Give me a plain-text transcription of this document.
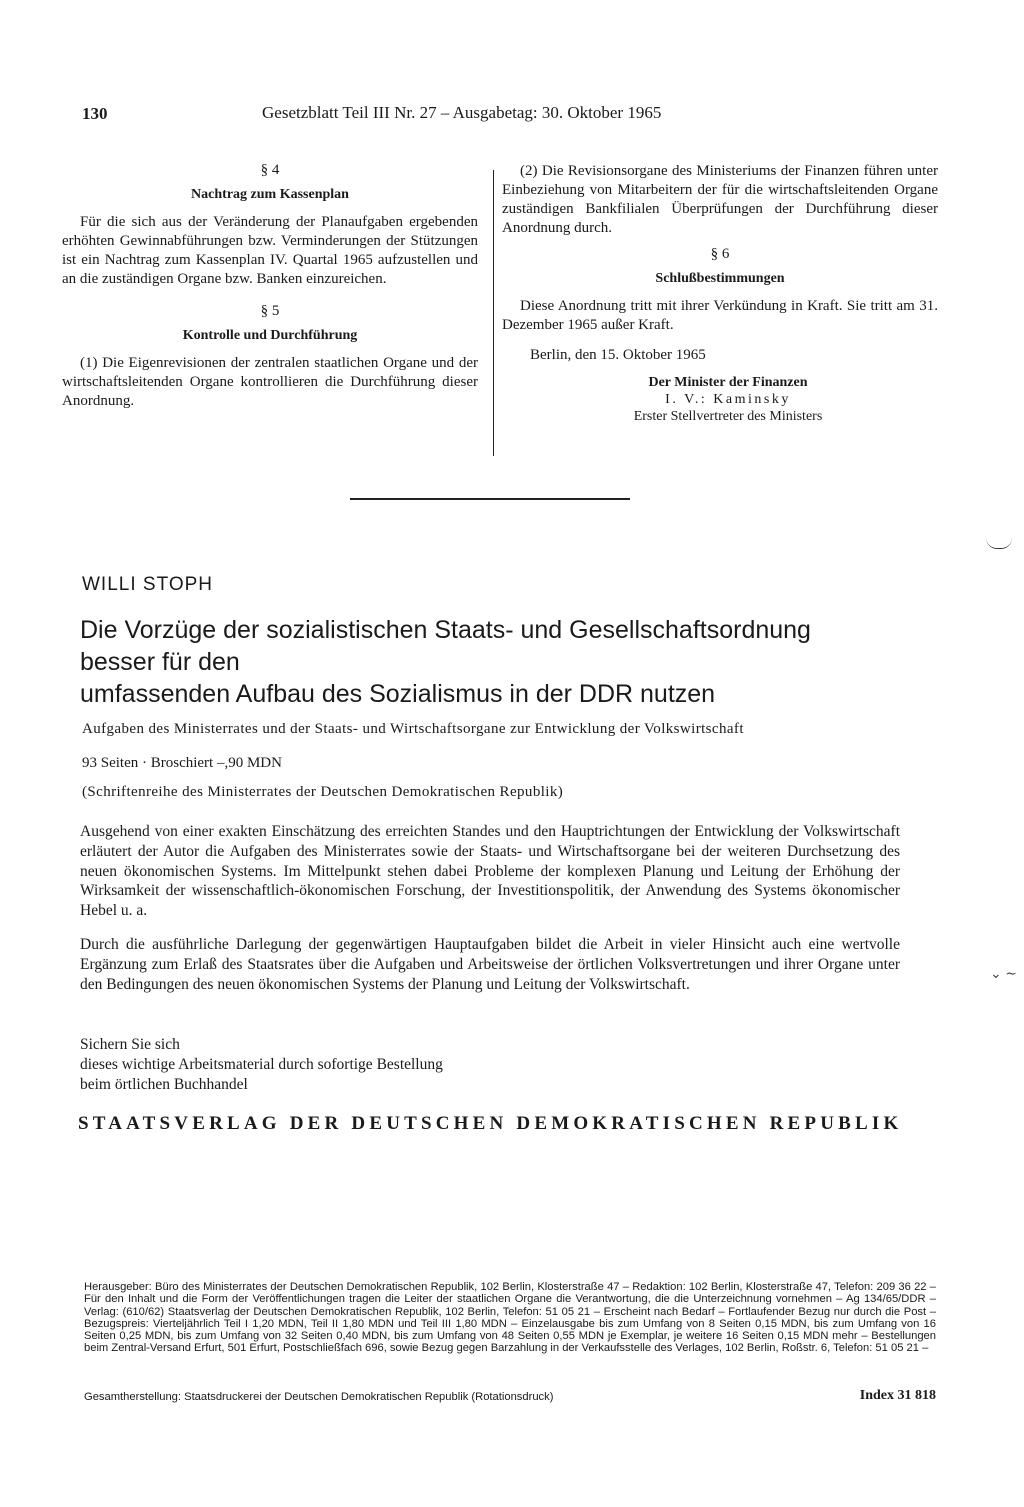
130	Gesetzblatt Teil III Nr. 27 – Ausgabetag: 30. Oktober 1965
§ 4
Nachtrag zum Kassenplan

Für die sich aus der Veränderung der Planaufgaben ergebenden erhöhten Gewinnabführungen bzw. Verminderungen der Stützungen ist ein Nachtrag zum Kassenplan IV. Quartal 1965 aufzustellen und an die zuständigen Organe bzw. Banken einzureichen.

§ 5
Kontrolle und Durchführung

(1) Die Eigenrevisionen der zentralen staatlichen Organe und der wirtschaftsleitenden Organe kontrollieren die Durchführung dieser Anordnung.

(2) Die Revisionsorgane des Ministeriums der Finanzen führen unter Einbeziehung von Mitarbeitern der für die wirtschaftsleitenden Organe zuständigen Bankfilialen Überprüfungen der Durchführung dieser Anordnung durch.

§ 6
Schlußbestimmungen

Diese Anordnung tritt mit ihrer Verkündung in Kraft. Sie tritt am 31. Dezember 1965 außer Kraft.

Berlin, den 15. Oktober 1965
Der Minister der Finanzen
I. V.: Kaminsky
Erster Stellvertreter des Ministers
⌄ ∼
WILLI STOPH
Die Vorzüge der sozialistischen Staats- und Gesellschaftsordnung
besser für den
umfassenden Aufbau des Sozialismus in der DDR nutzen
Aufgaben des Ministerrates und der Staats- und Wirtschaftsorgane zur Entwicklung der Volkswirtschaft
93 Seiten · Broschiert –,90 MDN
(Schriftenreihe des Ministerrates der Deutschen Demokratischen Republik)

Ausgehend von einer exakten Einschätzung des erreichten Standes und den Hauptrichtungen der Entwicklung der Volkswirtschaft erläutert der Autor die Aufgaben des Ministerrates sowie der Staats- und Wirtschaftsorgane bei der weiteren Durchsetzung des neuen ökonomischen Systems. Im Mittelpunkt stehen dabei Probleme der komplexen Planung und Leitung der Erhöhung der Wirksamkeit der wissenschaftlich-ökonomischen Forschung, der Investitionspolitik, der Anwendung des Systems ökonomischer Hebel u. a.

Durch die ausführliche Darlegung der gegenwärtigen Hauptaufgaben bildet die Arbeit in vieler Hinsicht auch eine wertvolle Ergänzung zum Erlaß des Staatsrates über die Aufgaben und Arbeitsweise der örtlichen Volksvertretungen und ihrer Organe unter den Bedingungen des neuen ökonomischen Systems der Planung und Leitung der Volkswirtschaft.

Sichern Sie sich
dieses wichtige Arbeitsmaterial durch sofortige Bestellung
beim örtlichen Buchhandel
STAATSVERLAG DER DEUTSCHEN DEMOKRATISCHEN REPUBLIK

Herausgeber: Büro des Ministerrates der Deutschen Demokratischen Republik, 102 Berlin, Klosterstraße 47 – Redaktion: 102 Berlin, Klosterstraße 47, Telefon: 209 36 22 – Für den Inhalt und die Form der Veröffentlichungen tragen die Leiter der staatlichen Organe die Verantwortung, die die Unterzeichnung vornehmen – Ag 134/65/DDR – Verlag: (610/62) Staatsverlag der Deutschen Demokratischen Republik, 102 Berlin, Telefon: 51 05 21 – Erscheint nach Bedarf – Fortlaufender Bezug nur durch die Post – Bezugspreis: Vierteljährlich Teil I 1,20 MDN, Teil II 1,80 MDN und Teil III 1,80 MDN – Einzelausgabe bis zum Umfang von 8 Seiten 0,15 MDN, bis zum Umfang von 16 Seiten 0,25 MDN, bis zum Umfang von 32 Seiten 0,40 MDN, bis zum Umfang von 48 Seiten 0,55 MDN je Exemplar, je weitere 16 Seiten 0,15 MDN mehr – Bestellungen beim Zentral-Versand Erfurt, 501 Erfurt, Postschließfach 696, sowie Bezug gegen Barzahlung in der Verkaufsstelle des Verlages, 102 Berlin, Roßstr. 6, Telefon: 51 05 21 –

Gesamtherstellung: Staatsdruckerei der Deutschen Demokratischen Republik (Rotationsdruck)	Index 31 818
